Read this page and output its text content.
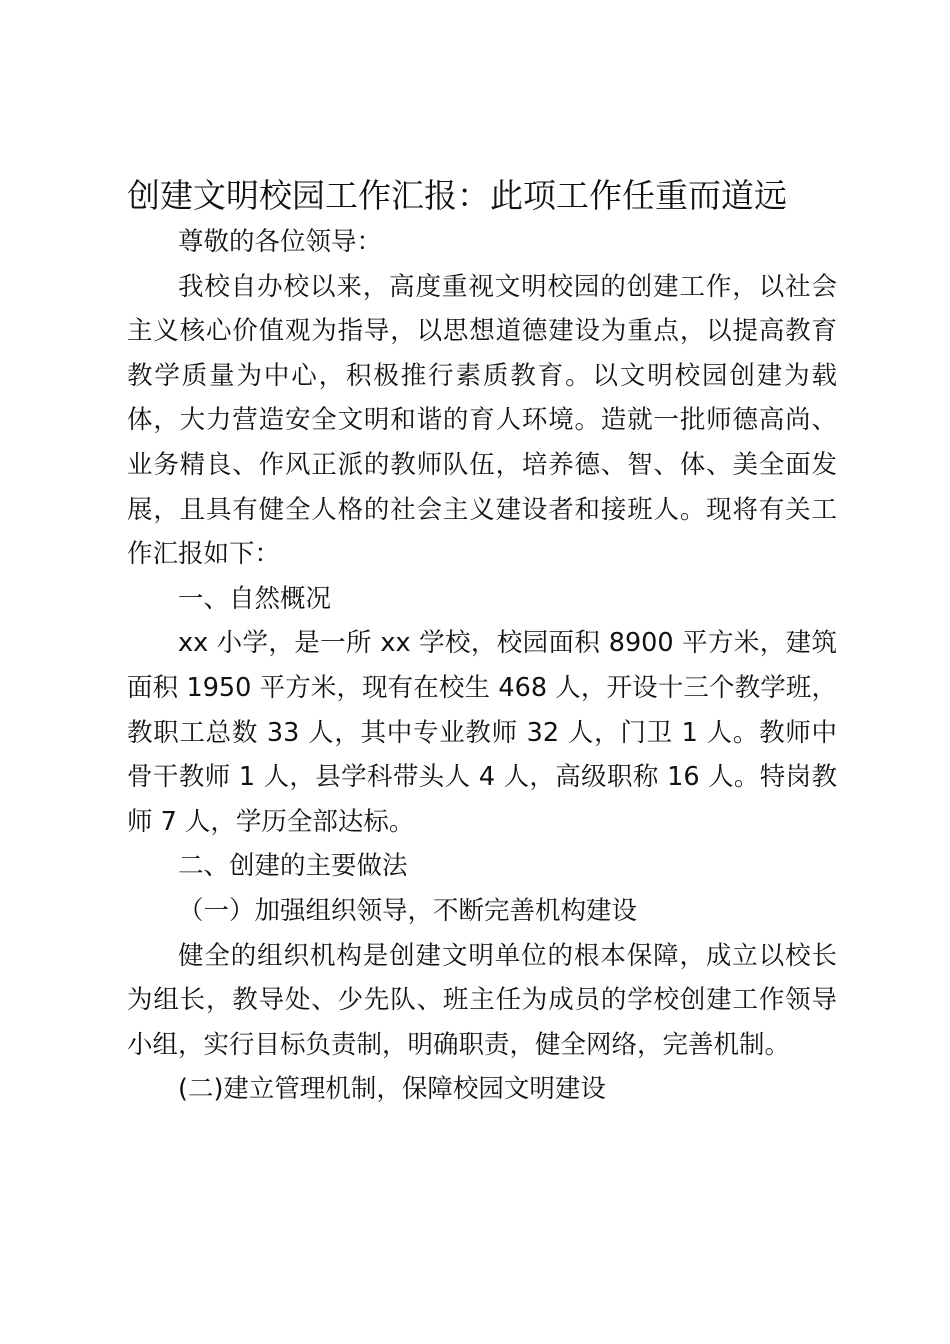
创建文明校园工作汇报：此项工作任重而道远

尊敬的各位领导：

我校自办校以来，高度重视文明校园的创建工作，以社会主义核心价值观为指导，以思想道德建设为重点，以提高教育教学质量为中心，积极推行素质教育。以文明校园创建为载体，大力营造安全文明和谐的育人环境。造就一批师德高尚、业务精良、作风正派的教师队伍，培养德、智、体、美全面发展，且具有健全人格的社会主义建设者和接班人。现将有关工作汇报如下：

一、自然概况

xx 小学，是一所 xx 学校，校园面积 8900 平方米，建筑面积 1950 平方米，现有在校生 468 人，开设十三个教学班，教职工总数 33 人，其中专业教师 32 人，门卫 1 人。教师中骨干教师 1 人，县学科带头人 4 人，高级职称 16 人。特岗教师 7 人，学历全部达标。

二、创建的主要做法

（一）加强组织领导，不断完善机构建设

健全的组织机构是创建文明单位的根本保障，成立以校长为组长，教导处、少先队、班主任为成员的学校创建工作领导小组，实行目标负责制，明确职责，健全网络，完善机制。

(二)建立管理机制，保障校园文明建设
